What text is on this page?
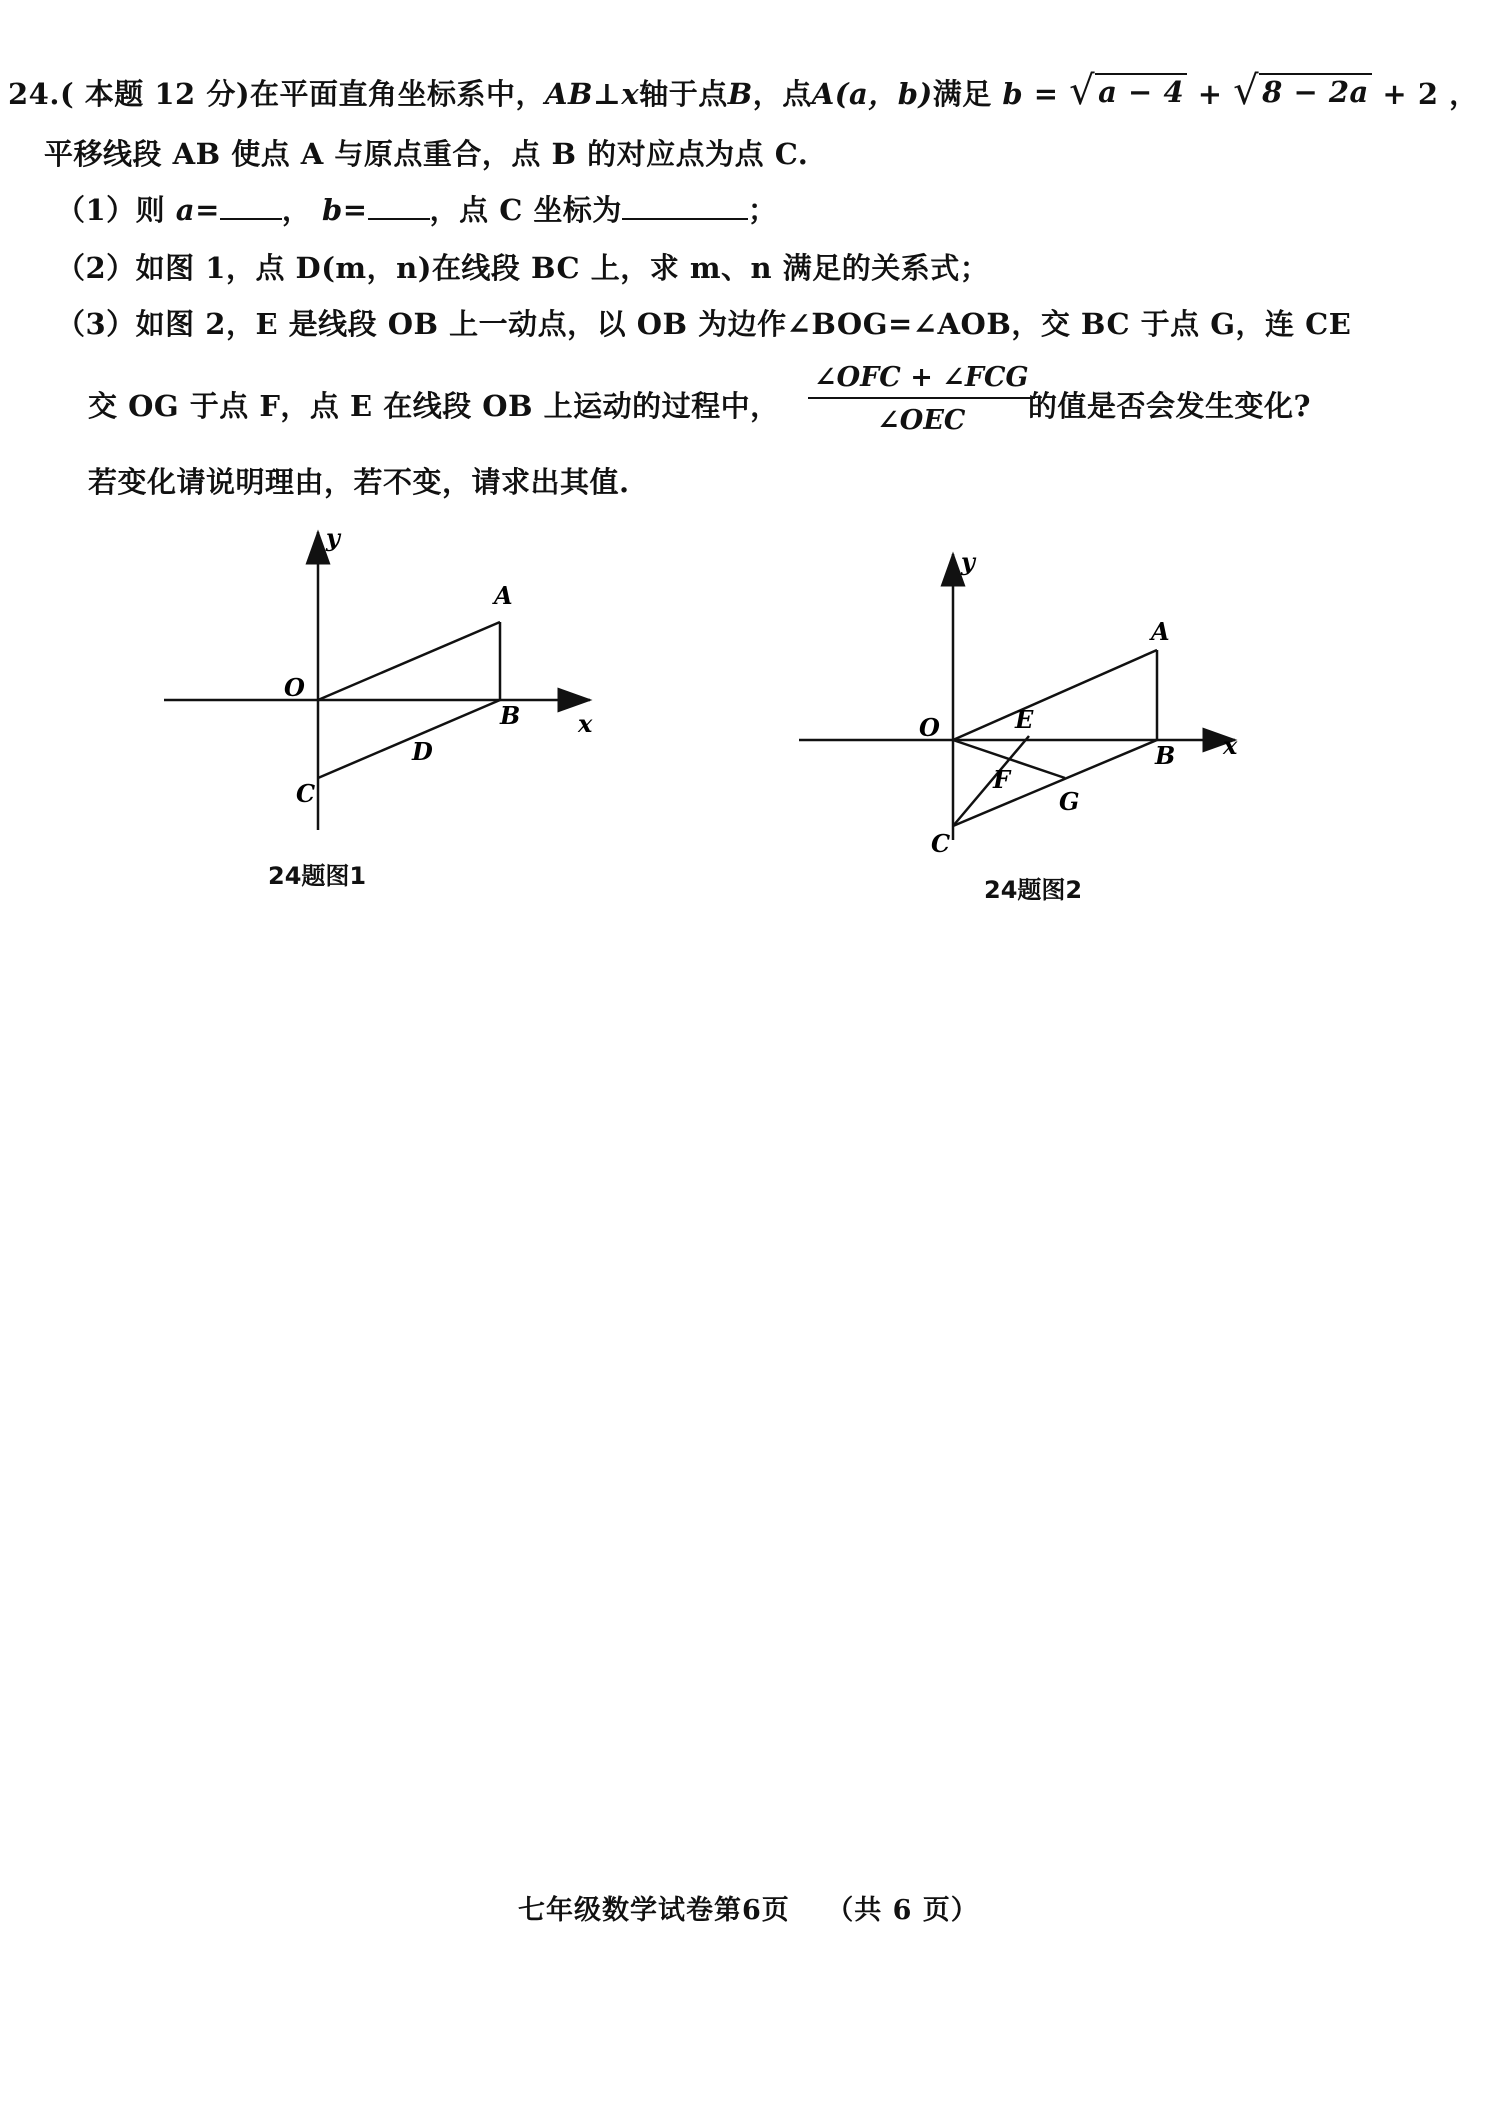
24.( 本题 12 分)在平面直角坐标系中，AB⊥x轴于点B，点A(a，b)满足 b = √ a − 4 + √ 8 − 2a + 2 ，
平移线段 AB 使点 A 与原点重合，点 B 的对应点为点 C.
（1）则 a= ， b= ，点 C 坐标为	；
（2）如图 1，点 D(m，n)在线段 BC 上，求 m、n 满足的关系式；
（3）如图 2，E 是线段 OB 上一动点，以 OB 为边作∠BOG=∠AOB，交 BC 于点 G，连 CE
交 OG 于点 F，点 E 在线段 OB 上运动的过程中，
∠OFC + ∠FCG
∠OEC	的值是否会发生变化?
若变化请说明理由，若不变，请求出其值.
y
x
O
A
B
C
D
24题图1
y
x
O
A
B
C
E
F
G
24题图2
七年级数学试卷第6页 （共 6 页）
